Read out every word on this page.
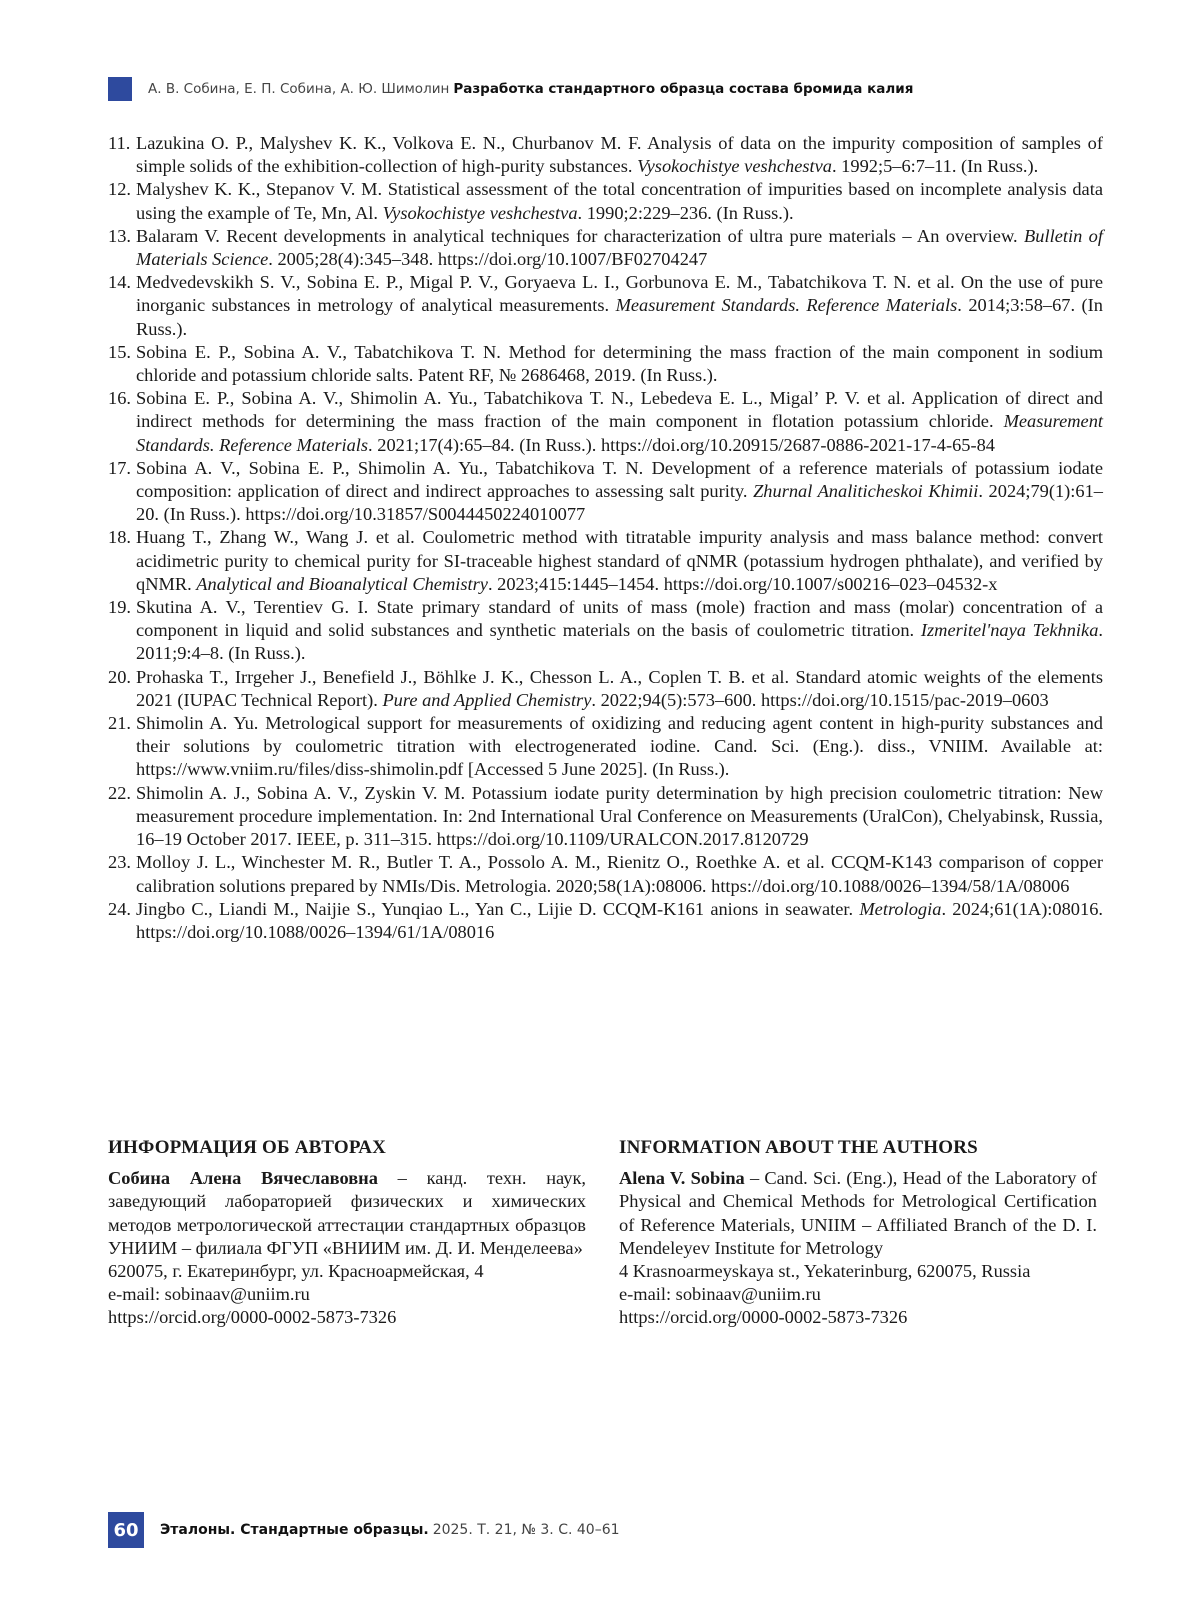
А. В. Собина, Е. П. Собина, А. Ю. Шимолин Разработка стандартного образца состава бромида калия
11. Lazukina O. P., Malyshev K. K., Volkova E. N., Churbanov M. F. Analysis of data on the impurity composition of samples of simple solids of the exhibition-collection of high-purity substances. Vysokochistye veshchestva. 1992;5–6:7–11. (In Russ.).
12. Malyshev K. K., Stepanov V. M. Statistical assessment of the total concentration of impurities based on incomplete analysis data using the example of Te, Mn, Al. Vysokochistye veshchestva. 1990;2:229–236. (In Russ.).
13. Balaram V. Recent developments in analytical techniques for characterization of ultra pure materials – An overview. Bulletin of Materials Science. 2005;28(4):345–348. https://doi.org/10.1007/BF02704247
14. Medvedevskikh S. V., Sobina E. P., Migal P. V., Goryaeva L. I., Gorbunova E. M., Tabatchikova T. N. et al. On the use of pure inorganic substances in metrology of analytical measurements. Measurement Standards. Reference Materials. 2014;3:58–67. (In Russ.).
15. Sobina E. P., Sobina A. V., Tabatchikova T. N. Method for determining the mass fraction of the main component in sodium chloride and potassium chloride salts. Patent RF, № 2686468, 2019. (In Russ.).
16. Sobina E. P., Sobina A. V., Shimolin A. Yu., Tabatchikova T. N., Lebedeva E. L., Migal’ P. V. et al. Application of direct and indirect methods for determining the mass fraction of the main component in flotation potassium chloride. Measurement Standards. Reference Materials. 2021;17(4):65–84. (In Russ.). https://doi.org/10.20915/2687-0886-2021-17-4-65-84
17. Sobina A. V., Sobina E. P., Shimolin A. Yu., Tabatchikova T. N. Development of a reference materials of potassium iodate composition: application of direct and indirect approaches to assessing salt purity. Zhurnal Analiticheskoi Khimii. 2024;79(1):61–20. (In Russ.). https://doi.org/10.31857/S0044450224010077
18. Huang T., Zhang W., Wang J. et al. Coulometric method with titratable impurity analysis and mass balance method: convert acidimetric purity to chemical purity for SI-traceable highest standard of qNMR (potassium hydrogen phthalate), and verified by qNMR. Analytical and Bioanalytical Chemistry. 2023;415:1445–1454. https://doi.org/10.1007/s00216–023–04532-x
19. Skutina A. V., Terentiev G. I. State primary standard of units of mass (mole) fraction and mass (molar) concentration of a component in liquid and solid substances and synthetic materials on the basis of coulometric titration. Izmeritel'naya Tekhnika. 2011;9:4–8. (In Russ.).
20. Prohaska T., Irrgeher J., Benefield J., Böhlke J. K., Chesson L. A., Coplen T. B. et al. Standard atomic weights of the elements 2021 (IUPAC Technical Report). Pure and Applied Chemistry. 2022;94(5):573–600. https://doi.org/10.1515/pac-2019–0603
21. Shimolin A. Yu. Metrological support for measurements of oxidizing and reducing agent content in high-purity substances and their solutions by coulometric titration with electrogenerated iodine. Cand. Sci. (Eng.). diss., VNIIM. Available at: https://www.vniim.ru/files/diss-shimolin.pdf [Accessed 5 June 2025]. (In Russ.).
22. Shimolin A. J., Sobina A. V., Zyskin V. M. Potassium iodate purity determination by high precision coulometric titration: New measurement procedure implementation. In: 2nd International Ural Conference on Measurements (UralCon), Chelyabinsk, Russia, 16–19 October 2017. IEEE, p. 311–315. https://doi.org/10.1109/URALCON.2017.8120729
23. Molloy J. L., Winchester M. R., Butler T. A., Possolo A. M., Rienitz O., Roethke A. et al. CCQM-K143 comparison of copper calibration solutions prepared by NMIs/Dis. Metrologia. 2020;58(1A):08006. https://doi.org/10.1088/0026–1394/58/1A/08006
24. Jingbo C., Liandi M., Naijie S., Yunqiao L., Yan C., Lijie D. CCQM-K161 anions in seawater. Metrologia. 2024;61(1A):08016. https://doi.org/10.1088/0026–1394/61/1A/08016
ИНФОРМАЦИЯ ОБ АВТОРАХ

Собина Алена Вячеславовна – канд. техн. наук, заведующий лабораторией физических и химических методов метрологической аттестации стандартных образцов УНИИМ – филиала ФГУП «ВНИИМ им. Д. И. Менделеева»

620075, г. Екатеринбург, ул. Красноармейская, 4
e-mail: sobinaav@uniim.ru
https://orcid.org/0000-0002-5873-7326
INFORMATION ABOUT THE AUTHORS

Alena V. Sobina – Cand. Sci. (Eng.), Head of the Laboratory of Physical and Chemical Methods for Metrological Certification of Reference Materials, UNIIM – Affiliated Branch of the D. I. Mendeleyev Institute for Metrology

4 Krasnoarmeyskaya st., Yekaterinburg, 620075, Russia
e-mail: sobinaav@uniim.ru
https://orcid.org/0000-0002-5873-7326
60	Эталоны. Стандартные образцы. 2025. Т. 21, № 3. С. 40–61
